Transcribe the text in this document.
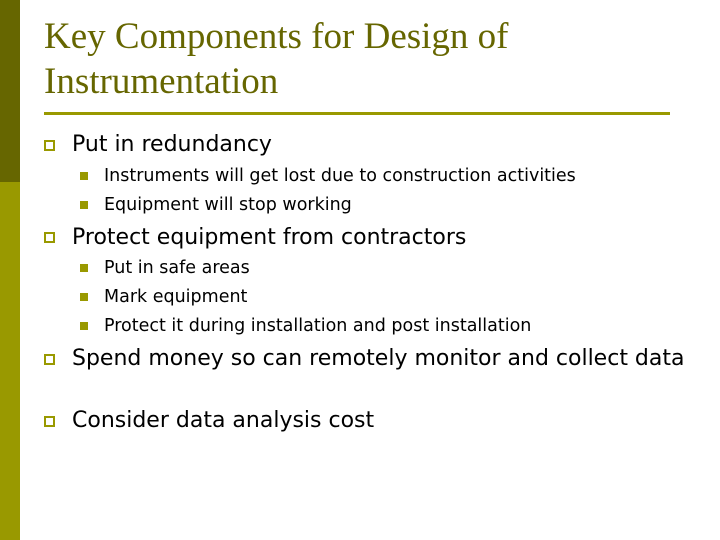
Key Components for Design of Instrumentation
Put in redundancy
Instruments will get lost due to construction activities
Equipment will stop working
Protect equipment from contractors
Put in safe areas
Mark equipment
Protect it during installation and post installation
Spend money so can remotely monitor and collect data
Consider data analysis cost
